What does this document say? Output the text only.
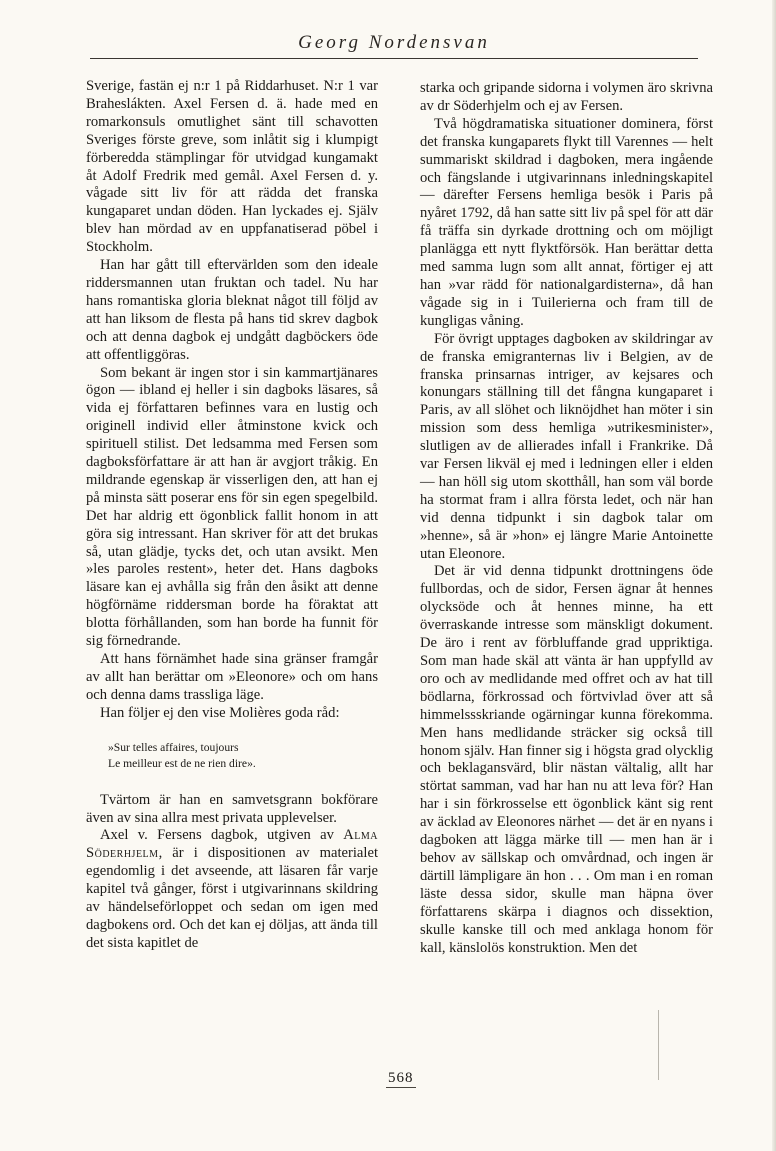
Georg Nordensvan

Sverige, fastän ej n:r 1 på Riddarhuset. N:r 1 var Braheslákten. Axel Fersen d. ä. hade med en romarkonsuls omutlighet sänt till schavotten Sveriges förste greve, som inlåtit sig i klumpigt förberedda stämplingar för utvidgad kungamakt åt Adolf Fredrik med gemål. Axel Fersen d. y. vågade sitt liv för att rädda det franska kungaparet undan döden. Han lyckades ej. Själv blev han mördad av en uppfanatiserad pöbel i Stockholm.

Han har gått till eftervärlden som den ideale riddersmannen utan fruktan och tadel. Nu har hans romantiska gloria bleknat något till följd av att han liksom de flesta på hans tid skrev dagbok och att denna dagbok ej undgått dagböckers öde att offentliggöras.

Som bekant är ingen stor i sin kammartjänares ögon — ibland ej heller i sin dagboks läsares, så vida ej författaren befinnes vara en lustig och originell individ eller åtminstone kvick och spirituell stilist. Det ledsamma med Fersen som dagboksförfattare är att han är avgjort tråkig. En mildrande egenskap är visserligen den, att han ej på minsta sätt poserar ens för sin egen spegelbild. Det har aldrig ett ögonblick fallit honom in att göra sig intressant. Han skriver för att det brukas så, utan glädje, tycks det, och utan avsikt. Men »les paroles restent», heter det. Hans dagboks läsare kan ej avhålla sig från den åsikt att denne högförnäme riddersman borde ha föraktat att blotta förhållanden, som han borde ha funnit för sig förnedrande.

Att hans förnämhet hade sina gränser framgår av allt han berättar om »Eleonore» och om hans och denna dams trassliga läge.

Han följer ej den vise Molières goda råd:

»Sur telles affaires, toujours
Le meilleur est de ne rien dire».

Tvärtom är han en samvetsgrann bokförare även av sina allra mest privata upplevelser.

Axel v. Fersens dagbok, utgiven av Alma Söderhjelm, är i dispositionen av materialet egendomlig i det avseende, att läsaren får varje kapitel två gånger, först i utgivarinnans skildring av händelseförloppet och sedan om igen med dagbokens ord. Och det kan ej döljas, att ända till det sista kapitlet de

starka och gripande sidorna i volymen äro skrivna av dr Söderhjelm och ej av Fersen.

Två högdramatiska situationer dominera, först det franska kungaparets flykt till Varennes — helt summariskt skildrad i dagboken, mera ingående och fängslande i utgivarinnans inledningskapitel — därefter Fersens hemliga besök i Paris på nyåret 1792, då han satte sitt liv på spel för att där få träffa sin dyrkade drottning och om möjligt planlägga ett nytt flyktförsök. Han berättar detta med samma lugn som allt annat, förtiger ej att han »var rädd för nationalgardisterna», då han vågade sig in i Tuilerierna och fram till de kungligas våning.

För övrigt upptages dagboken av skildringar av de franska emigranternas liv i Belgien, av de franska prinsarnas intriger, av kejsares och konungars ställning till det fångna kungaparet i Paris, av all slöhet och liknöjdhet han möter i sin mission som dess hemliga »utrikesminister», slutligen av de allierades infall i Frankrike. Då var Fersen likväl ej med i ledningen eller i elden — han höll sig utom skotthåll, han som väl borde ha stormat fram i allra första ledet, och när han vid denna tidpunkt i sin dagbok talar om »henne», så är »hon» ej längre Marie Antoinette utan Eleonore.

Det är vid denna tidpunkt drottningens öde fullbordas, och de sidor, Fersen ägnar åt hennes olycksöde och åt hennes minne, ha ett överraskande intresse som mänskligt dokument. De äro i rent av förbluffande grad uppriktiga. Som man hade skäl att vänta är han uppfylld av oro och av medlidande med offret och av hat till bödlarna, förkrossad och förtvivlad över att så himmelssskriande ogärningar kunna förekomma. Men hans medlidande sträcker sig också till honom själv. Han finner sig i högsta grad olycklig och beklagansvärd, blir nästan vältalig, allt har störtat samman, vad har han nu att leva för? Han har i sin förkrosselse ett ögonblick känt sig rent av äcklad av Eleonores närhet — det är en nyans i dagboken att lägga märke till — men han är i behov av sällskap och omvårdnad, och ingen är därtill lämpligare än hon . . . Om man i en roman läste dessa sidor, skulle man häpna över författarens skärpa i diagnos och dissektion, skulle kanske till och med anklaga honom för kall, känslolös konstruktion. Men det

568
